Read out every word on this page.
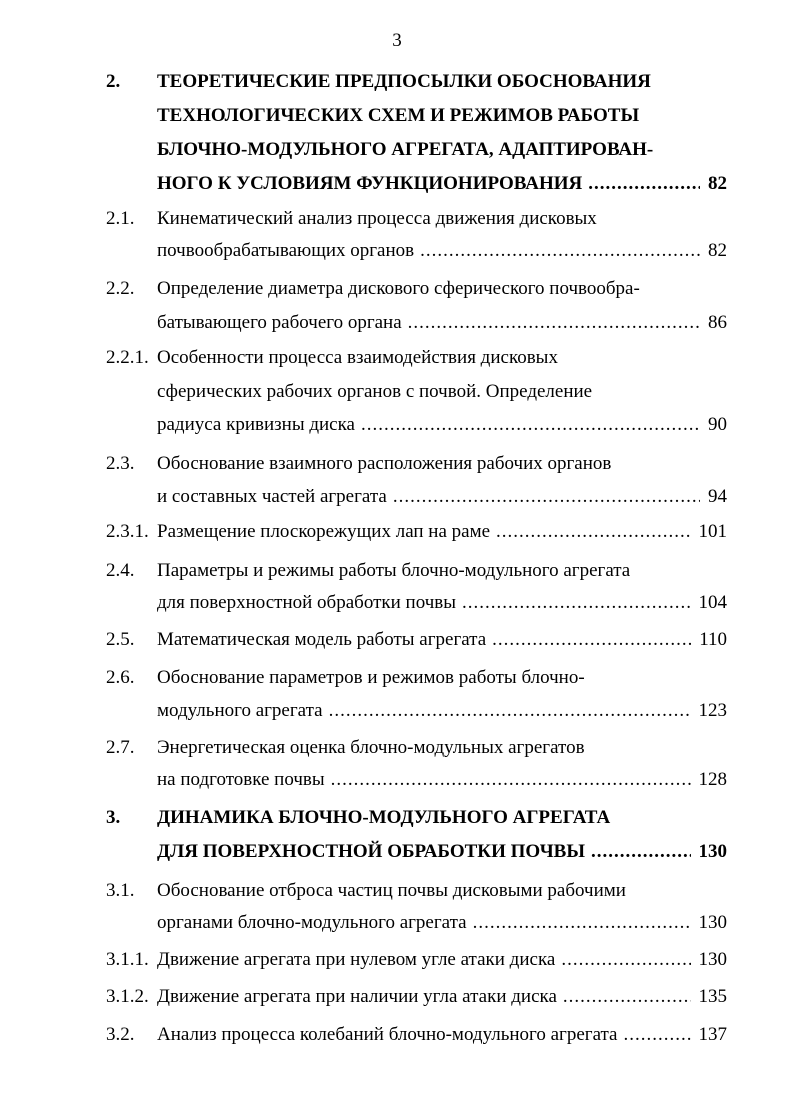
3
2. ТЕОРЕТИЧЕСКИЕ ПРЕДПОСЫЛКИ ОБОСНОВАНИЯ
ТЕХНОЛОГИЧЕСКИХ СХЕМ И РЕЖИМОВ РАБОТЫ
БЛОЧНО-МОДУЛЬНОГО АГРЕГАТА, АДАПТИРОВАН-
НОГО К УСЛОВИЯМ ФУНКЦИОНИРОВАНИЯ	82
.....
2.1. Кинематический анализ процесса движения дисковых
почвообрабатывающих органов	82
.....
2.2. Определение диаметра дискового сферического почвообра-
батывающего рабочего органа	86
.....
2.2.1. Особенности процесса взаимодействия дисковых
сферических рабочих органов с почвой. Определение
радиуса кривизны диска	90
.....
2.3. Обоснование взаимного расположения рабочих органов
и составных частей агрегата	94
.....
2.3.1. Размещение плоскорежущих лап на раме	101
.....
2.4. Параметры и режимы работы блочно-модульного агрегата
для поверхностной обработки почвы	104
.....
2.5. Математическая модель работы агрегата	110
.....
2.6. Обоснование параметров и режимов работы блочно-
модульного агрегата	123
.....
2.7. Энергетическая оценка блочно-модульных агрегатов
на подготовке почвы	128
.....
3. ДИНАМИКА БЛОЧНО-МОДУЛЬНОГО АГРЕГАТА
ДЛЯ ПОВЕРХНОСТНОЙ ОБРАБОТКИ ПОЧВЫ	130
.....
3.1. Обоснование отброса частиц почвы дисковыми рабочими
органами блочно-модульного агрегата	130
.....
3.1.1. Движение агрегата при нулевом угле атаки диска	130
.....
3.1.2. Движение агрегата при наличии угла атаки диска	135
.....
3.2. Анализ процесса колебаний блочно-модульного агрегата	137
.....
